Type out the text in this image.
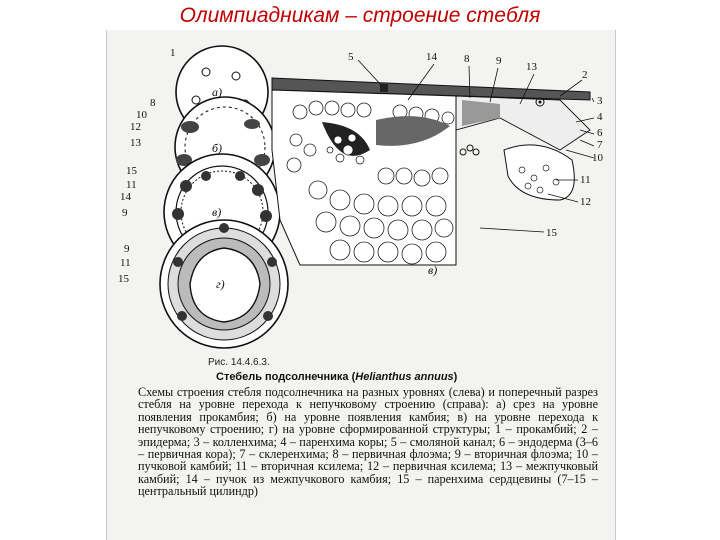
Олимпиадникам – строение стебля
1
8
10
12
13
15
11
14
9
9
11
15
5	14 8 9 13
2
3
4
6
7
10
11
12
15
а)
б)
в)
г)
в)
Рис. 14.4.6.3.
Стебель подсолнечника (Helianthus annuus)
Схемы строения стебля подсолнечника на разных уровнях (слева) и поперечный разрез стебля на уровне перехода к непучковому строению (справа): а) срез на уровне появления прокамбия; б) на уровне появления камбия; в) на уровне перехода к непучковому строению; г) на уровне сформированной структуры; 1 – прокамбий; 2 – эпидерма; 3 – колленхима; 4 – паренхима коры; 5 – смоляной канал; 6 – эндодерма (3–6 – первичная кора); 7 – склеренхима; 8 – первичная флоэма; 9 – вторичная флоэма; 10 – пучковой камбий; 11 – вторичная ксилема; 12 – первичная ксилема; 13 – межпучковый камбий; 14 – пучок из межпучкового камбия; 15 – паренхима сердцевины (7–15 – центральный цилиндр)
